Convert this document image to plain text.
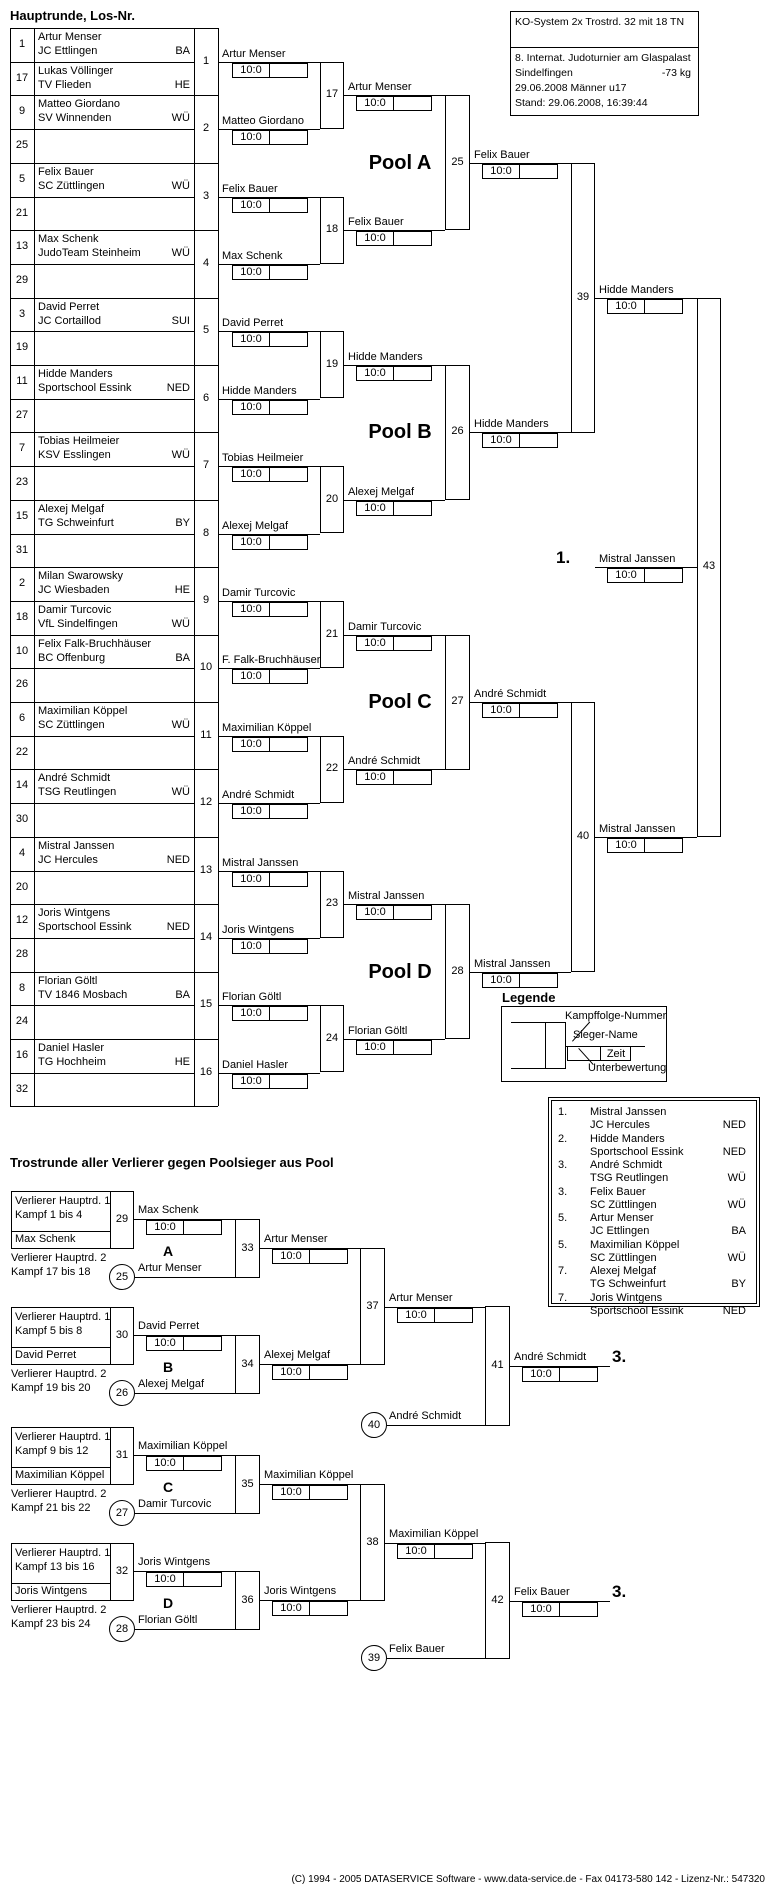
Hauptrunde, Los-Nr.	KO-System 2x Trostrd. 32 mit 18 TN
8. Internat. Judoturnier am Glaspalast
Sindelfingen	-73 kg
29.06.2008 Männer u17
Stand: 29.06.2008, 16:39:44
Trostrunde aller Verlierer gegen Poolsieger aus Pool
Legende
Zeit
Kampffolge-Nummer
Sieger-Name
Unterbewertung
(C) 1994 - 2005 DATASERVICE Software - www.data-service.de - Fax 04173-580 142 - Lizenz-Nr.: 547320
1
Artur Menser
JC Ettlingen	BA
17
Lukas Völlinger
TV Flieden	HE
9
Matteo Giordano
SV Winnenden	WÜ
25
5
Felix Bauer
SC Züttlingen	WÜ
21
13
Max Schenk
JudoTeam Steinheim	WÜ
29
3
David Perret
JC Cortaillod	SUI
19
11
Hidde Manders
Sportschool Essink	NED
27
7
Tobias Heilmeier
KSV Esslingen	WÜ
23
15
Alexej Melgaf
TG Schweinfurt	BY
31
2
Milan Swarowsky
JC Wiesbaden	HE
18
Damir Turcovic
VfL Sindelfingen	WÜ
10
Felix Falk-Bruchhäuser
BC Offenburg	BA
26
6
Maximilian Köppel
SC Züttlingen	WÜ
22
14
André Schmidt
TSG Reutlingen	WÜ
30
4
Mistral Janssen
JC Hercules	NED
20
12
Joris Wintgens
Sportschool Essink	NED
28
8
Florian Göltl
TV 1846 Mosbach	BA
24
16
Daniel Hasler
TG Hochheim	HE
32
1
Artur Menser
10:0
2
Matteo Giordano
10:0
3
Felix Bauer
10:0
4
Max Schenk
10:0
5
David Perret
10:0
6
Hidde Manders
10:0
7
Tobias Heilmeier
10:0
8
Alexej Melgaf
10:0
9
Damir Turcovic
10:0
10
F. Falk-Bruchhäuser
10:0
11
Maximilian Köppel
10:0
12
André Schmidt
10:0
13
Mistral Janssen
10:0
14
Joris Wintgens
10:0
15
Florian Göltl
10:0
16
Daniel Hasler
10:0
17
Artur Menser
10:0
18
Felix Bauer
10:0
19
Hidde Manders
10:0
20
Alexej Melgaf
10:0
21
Damir Turcovic
10:0
22
André Schmidt
10:0
23
Mistral Janssen
10:0
24
Florian Göltl
10:0
25
Felix Bauer
10:0
Pool A
26
Hidde Manders
10:0
Pool B
27
André Schmidt
10:0
Pool C
28
Mistral Janssen
10:0
Pool D
39
Hidde Manders
10:0
40
Mistral Janssen
10:0
43
Mistral Janssen
10:0
1.
Verlierer Hauptrd. 1
Kampf 1 bis 4
Max Schenk
29
Verlierer Hauptrd. 2
Kampf 17 bis 18	25
Max Schenk
10:0
Artur Menser
A	33
Artur Menser
10:0
Verlierer Hauptrd. 1
Kampf 5 bis 8
David Perret
30
Verlierer Hauptrd. 2
Kampf 19 bis 20	26
David Perret
10:0
Alexej Melgaf
B	34
Alexej Melgaf
10:0
Verlierer Hauptrd. 1
Kampf 9 bis 12
Maximilian Köppel
31
Verlierer Hauptrd. 2
Kampf 21 bis 22	27
Maximilian Köppel
10:0
Damir Turcovic
C	35
Maximilian Köppel
10:0
Verlierer Hauptrd. 1
Kampf 13 bis 16
Joris Wintgens
32
Verlierer Hauptrd. 2
Kampf 23 bis 24	28
Joris Wintgens
10:0
Florian Göltl
D	36
Joris Wintgens
10:0
37
Artur Menser
10:0
38
Maximilian Köppel
10:0
40
André Schmidt
41
André Schmidt
10:0
3.
39
Felix Bauer
42
Felix Bauer
10:0
3.
1.	Mistral Janssen
JC Hercules	NED
2.	Hidde Manders
Sportschool Essink	NED
3.	André Schmidt
TSG Reutlingen	WÜ
3.	Felix Bauer
SC Züttlingen	WÜ
5.	Artur Menser
JC Ettlingen	BA
5.	Maximilian Köppel
SC Züttlingen	WÜ
7.	Alexej Melgaf
TG Schweinfurt	BY
7.	Joris Wintgens
Sportschool Essink	NED
